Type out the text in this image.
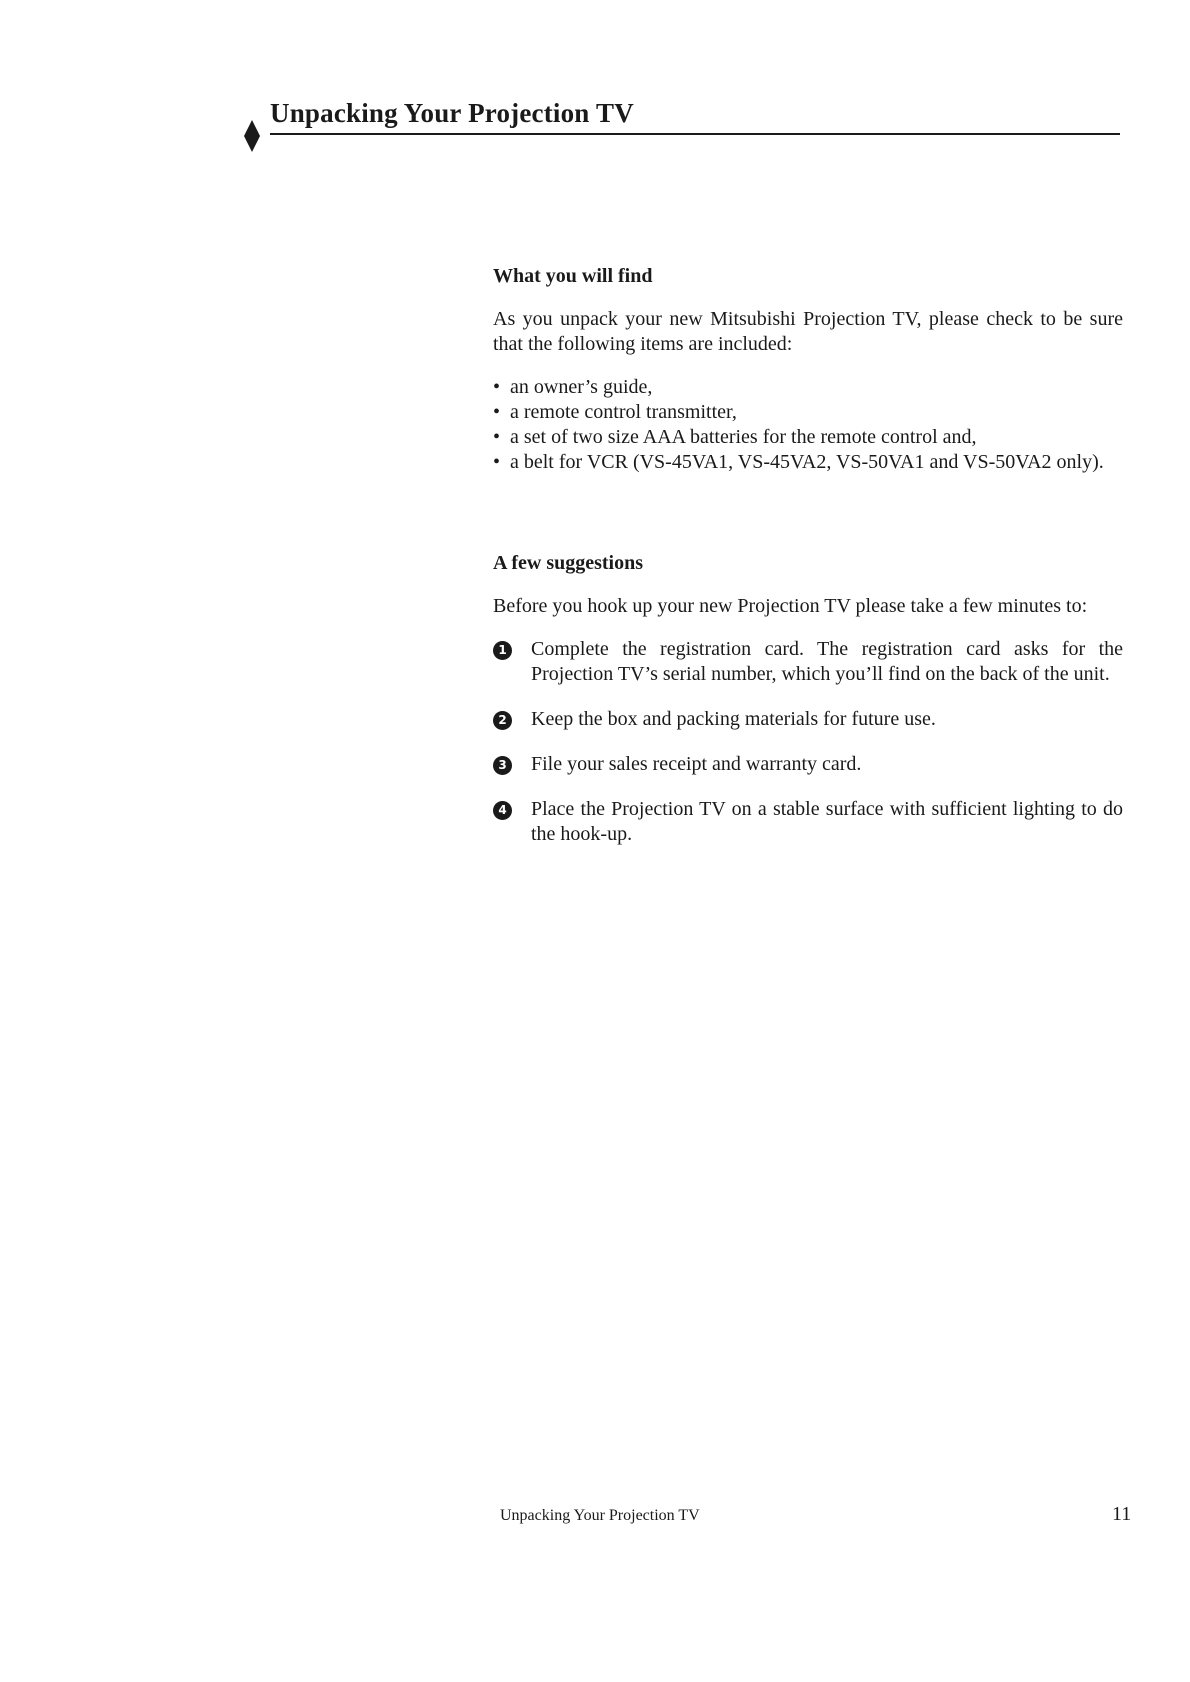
Unpacking Your Projection TV
What you will find

As you unpack your new Mitsubishi Projection TV, please check to be sure that the following items are included:

• an owner’s guide,
• a remote control transmitter,
• a set of two size AAA batteries for the remote control and,
• a belt for VCR (VS-45VA1, VS-45VA2, VS-50VA1 and VS-50VA2 only).
A few suggestions

Before you hook up your new Projection TV please take a few minutes to:

1 Complete the registration card. The registration card asks for the Projection TV’s serial number, which you’ll find on the back of the unit.
2 Keep the box and packing materials for future use.
3 File your sales receipt and warranty card.
4 Place the Projection TV on a stable surface with sufficient lighting to do the hook-up.
Unpacking Your Projection TV	11
